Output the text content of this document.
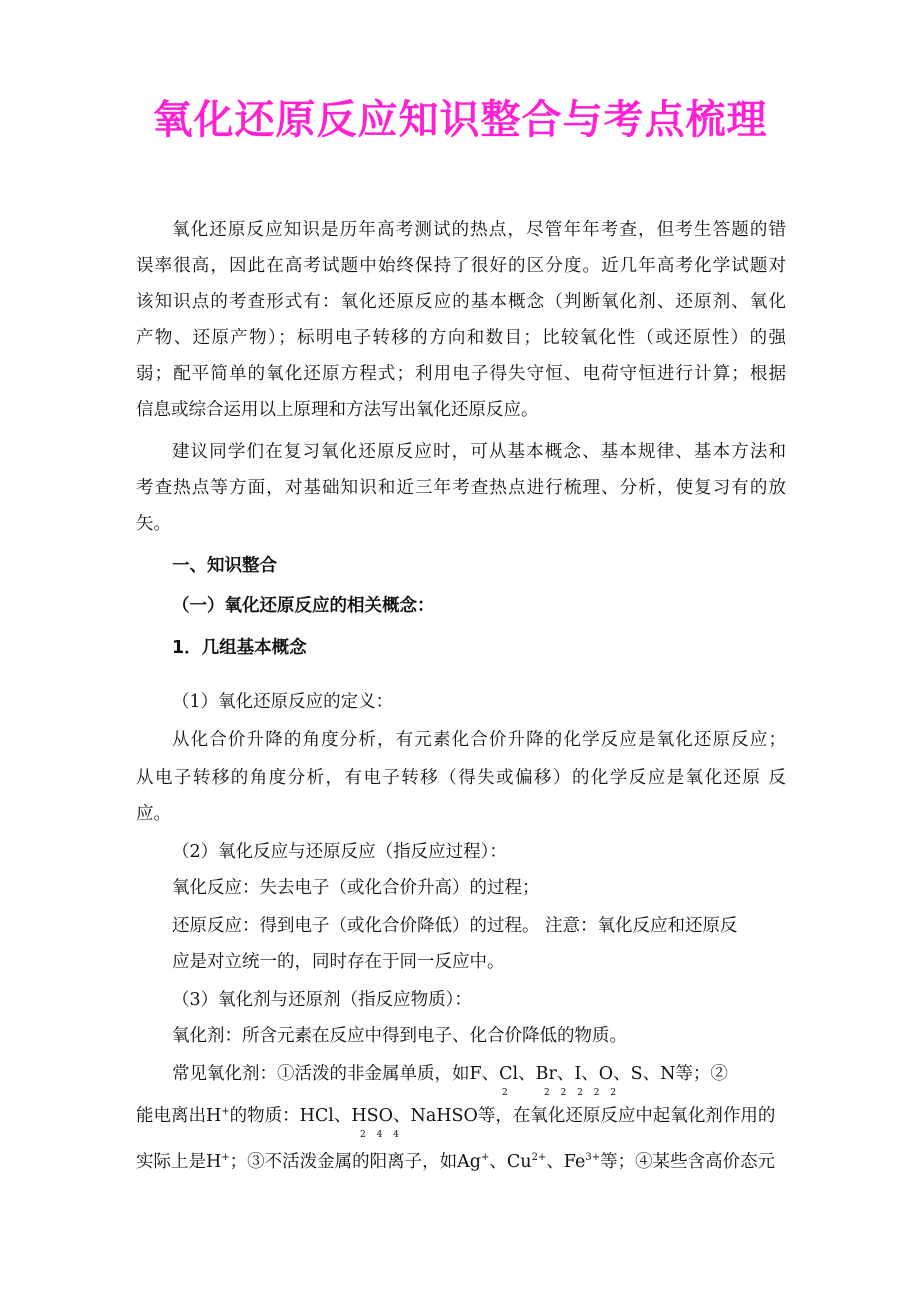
氧化还原反应知识整合与考点梳理

氧化还原反应知识是历年高考测试的热点，尽管年年考查，但考生答题的错

误率很高，因此在高考试题中始终保持了很好的区分度。近几年高考化学试题对

该知识点的考查形式有：氧化还原反应的基本概念（判断氧化剂、还原剂、氧化

产物、还原产物）；标明电子转移的方向和数目；比较氧化性（或还原性）的强

弱；配平简单的氧化还原方程式；利用电子得失守恒、电荷守恒进行计算；根据

信息或综合运用以上原理和方法写出氧化还原反应。

建议同学们在复习氧化还原反应时，可从基本概念、基本规律、基本方法和

考查热点等方面，对基础知识和近三年考查热点进行梳理、分析，使复习有的放

矢。

一、知识整合

（一）氧化还原反应的相关概念：

1．几组基本概念

（1）氧化还原反应的定义：

从化合价升降的角度分析，有元素化合价升降的化学反应是氧化还原反应；

从电子转移的角度分析，有电子转移（得失或偏移）的化学反应是氧化还原 反

应。

（2）氧化反应与还原反应（指反应过程）：

氧化反应：失去电子（或化合价升高）的过程；

还原反应：得到电子（或化合价降低）的过程。 注意：氧化反应和还原反

应是对立统一的，同时存在于同一反应中。

（3）氧化剂与还原剂（指反应物质）：

氧化剂：所含元素在反应中得到电子、化合价降低的物质。

常见氧化剂：①活泼的非金属单质，如F、Cl、Br、I、O、S、N等；②

2	2 2 2 2 2

能电离出H+的物质：HCl、HSO、NaHSO等，在氧化还原反应中起氧化剂作用的

2 4 4

实际上是H+；③不活泼金属的阳离子，如Ag+、$Cu^{2+}$、$Fe^{3+}$等；④某些含高价态元
